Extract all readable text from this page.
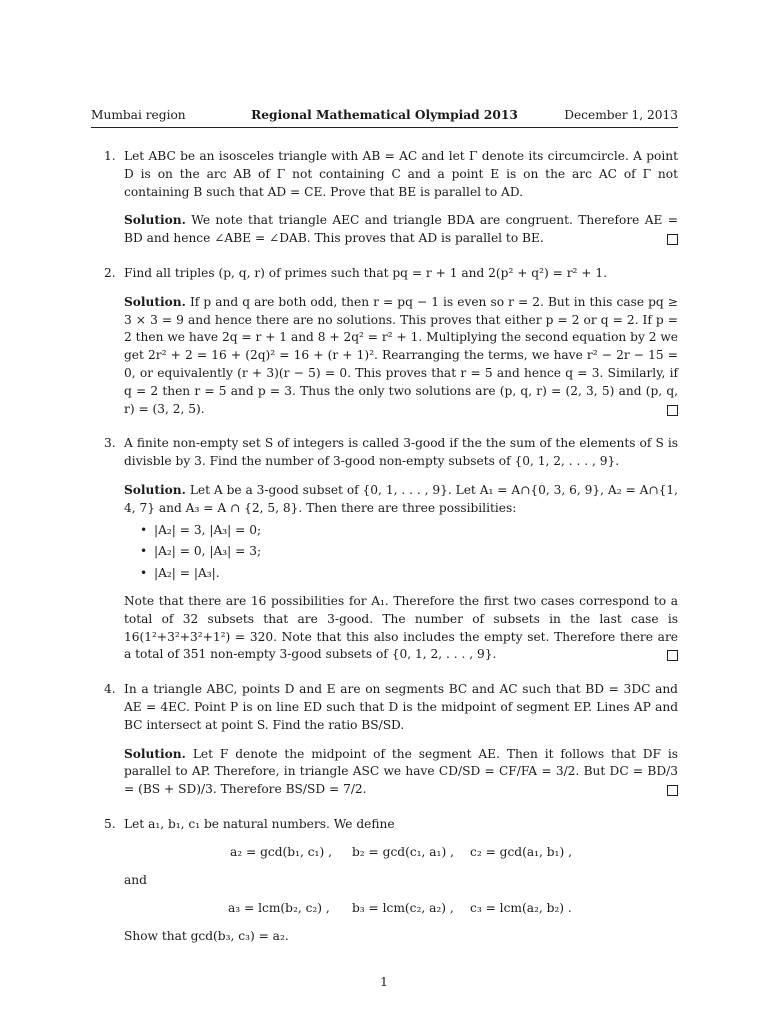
Mumbai region	Regional Mathematical Olympiad 2013	December 1, 2013
1. Let ABC be an isosceles triangle with AB = AC and let Γ denote its circumcircle. A point D is on the arc AB of Γ not containing C and a point E is on the arc AC of Γ not containing B such that AD = CE. Prove that BE is parallel to AD.
Solution. We note that triangle AEC and triangle BDA are congruent. Therefore AE = BD and hence ∠ABE = ∠DAB. This proves that AD is parallel to BE.
2. Find all triples (p, q, r) of primes such that pq = r + 1 and 2(p² + q²) = r² + 1.
Solution. If p and q are both odd, then r = pq − 1 is even so r = 2. But in this case pq ≥ 3 × 3 = 9 and hence there are no solutions. This proves that either p = 2 or q = 2. If p = 2 then we have 2q = r + 1 and 8 + 2q² = r² + 1. Multiplying the second equation by 2 we get 2r² + 2 = 16 + (2q)² = 16 + (r + 1)². Rearranging the terms, we have r² − 2r − 15 = 0, or equivalently (r + 3)(r − 5) = 0. This proves that r = 5 and hence q = 3. Similarly, if q = 2 then r = 5 and p = 3. Thus the only two solutions are (p, q, r) = (2, 3, 5) and (p, q, r) = (3, 2, 5).
3. A finite non-empty set S of integers is called 3-good if the the sum of the elements of S is divisble by 3. Find the number of 3-good non-empty subsets of {0, 1, 2, . . . , 9}.
Solution. Let A be a 3-good subset of {0, 1, . . . , 9}. Let A₁ = A∩{0, 3, 6, 9}, A₂ = A∩{1, 4, 7} and A₃ = A ∩ {2, 5, 8}. Then there are three possibilities:
• |A₂| = 3, |A₃| = 0;
• |A₂| = 0, |A₃| = 3;
• |A₂| = |A₃|.
Note that there are 16 possibilities for A₁. Therefore the first two cases correspond to a total of 32 subsets that are 3-good. The number of subsets in the last case is 16(1²+3²+3²+1²) = 320. Note that this also includes the empty set. Therefore there are a total of 351 non-empty 3-good subsets of {0, 1, 2, . . . , 9}.
4. In a triangle ABC, points D and E are on segments BC and AC such that BD = 3DC and AE = 4EC. Point P is on line ED such that D is the midpoint of segment EP. Lines AP and BC intersect at point S. Find the ratio BS/SD.
Solution. Let F denote the midpoint of the segment AE. Then it follows that DF is parallel to AP. Therefore, in triangle ASC we have CD/SD = CF/FA = 3/2. But DC = BD/3 = (BS + SD)/3. Therefore BS/SD = 7/2.
5. Let a₁, b₁, c₁ be natural numbers. We define
a₂ = gcd(b₁, c₁) , b₂ = gcd(c₁, a₁) , c₂ = gcd(a₁, b₁) ,
and
a₃ = lcm(b₂, c₂) , b₃ = lcm(c₂, a₂) , c₃ = lcm(a₂, b₂) .
Show that gcd(b₃, c₃) = a₂.
1
